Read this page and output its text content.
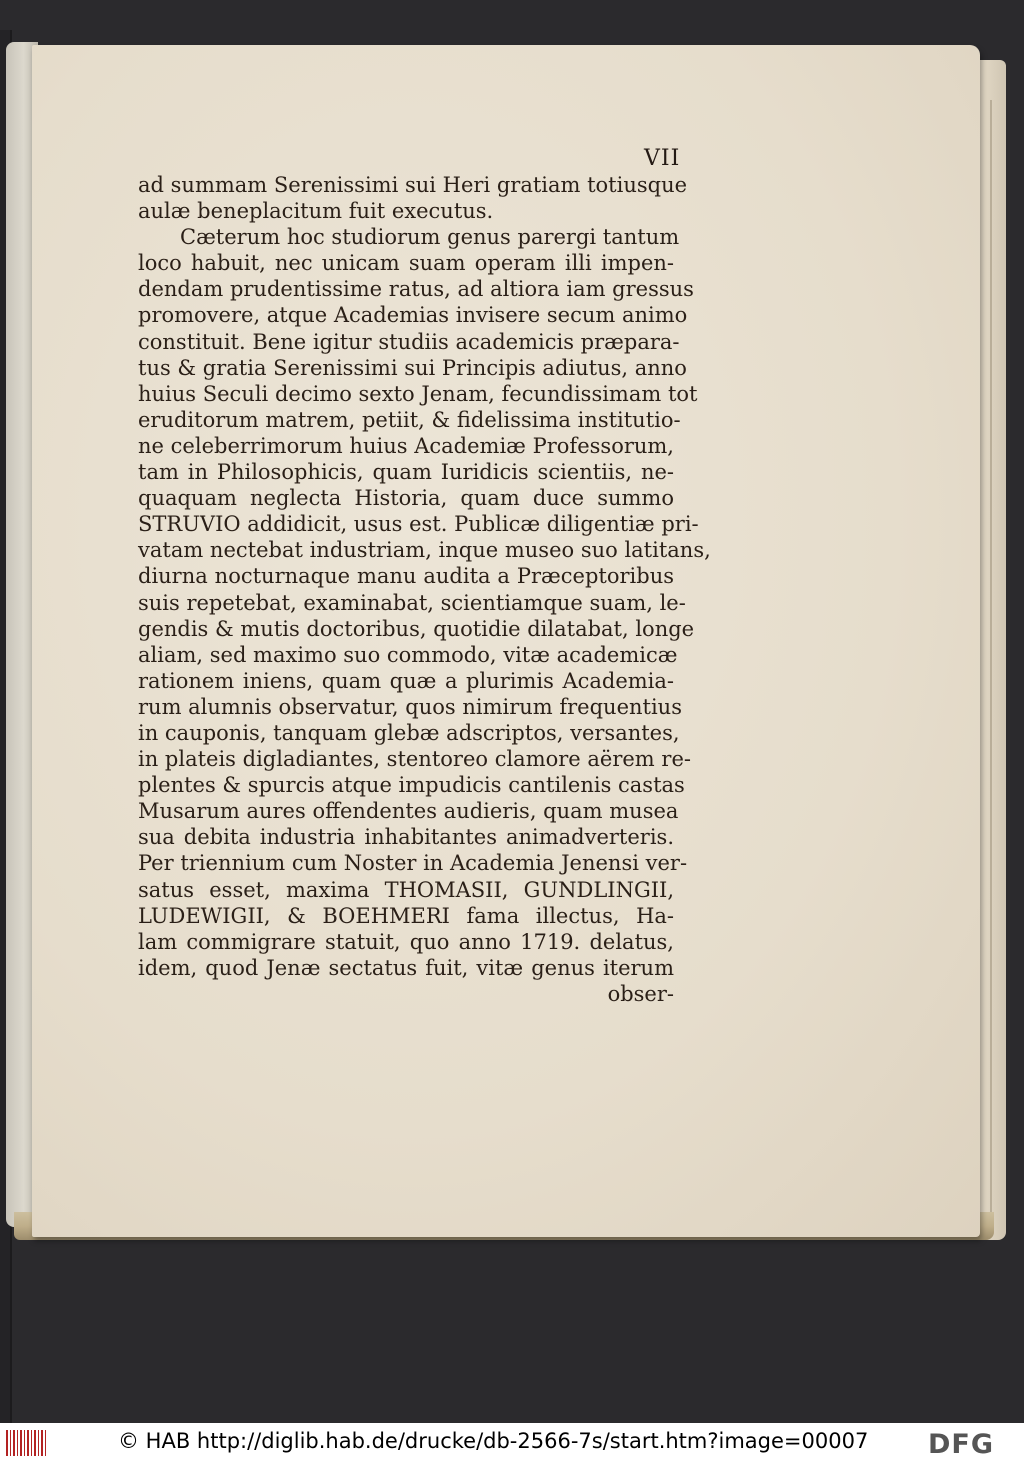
VII
ad summam Serenissimi sui Heri gratiam totiusque
aulæ beneplacitum fuit executus.
Cæterum hoc studiorum genus parergi tantum
loco habuit, nec unicam suam operam illi impen-
dendam prudentissime ratus, ad altiora iam gressus
promovere, atque Academias invisere secum animo
constituit. Bene igitur studiis academicis præpara-
tus & gratia Serenissimi sui Principis adiutus, anno
huius Seculi decimo sexto Jenam, fecundissimam tot
eruditorum matrem, petiit, & fidelissima institutio-
ne celeberrimorum huius Academiæ Professorum,
tam in Philosophicis, quam Iuridicis scientiis, ne-
quaquam neglecta Historia, quam duce summo
STRUVIO addidicit, usus est. Publicæ diligentiæ pri-
vatam nectebat industriam, inque museo suo latitans,
diurna nocturnaque manu audita a Præceptoribus
suis repetebat, examinabat, scientiamque suam, le-
gendis & mutis doctoribus, quotidie dilatabat, longe
aliam, sed maximo suo commodo, vitæ academicæ
rationem iniens, quam quæ a plurimis Academia-
rum alumnis observatur, quos nimirum frequentius
in cauponis, tanquam glebæ adscriptos, versantes,
in plateis digladiantes, stentoreo clamore aërem re-
plentes & spurcis atque impudicis cantilenis castas
Musarum aures offendentes audieris, quam musea
sua debita industria inhabitantes animadverteris.
Per triennium cum Noster in Academia Jenensi ver-
satus esset, maxima THOMASII, GUNDLINGII,
LUDEWIGII, & BOEHMERI fama illectus, Ha-
lam commigrare statuit, quo anno 1719. delatus,
idem, quod Jenæ sectatus fuit, vitæ genus iterum
obser-
© HAB http://diglib.hab.de/drucke/db-2566-7s/start.htm?image=00007 DFG
